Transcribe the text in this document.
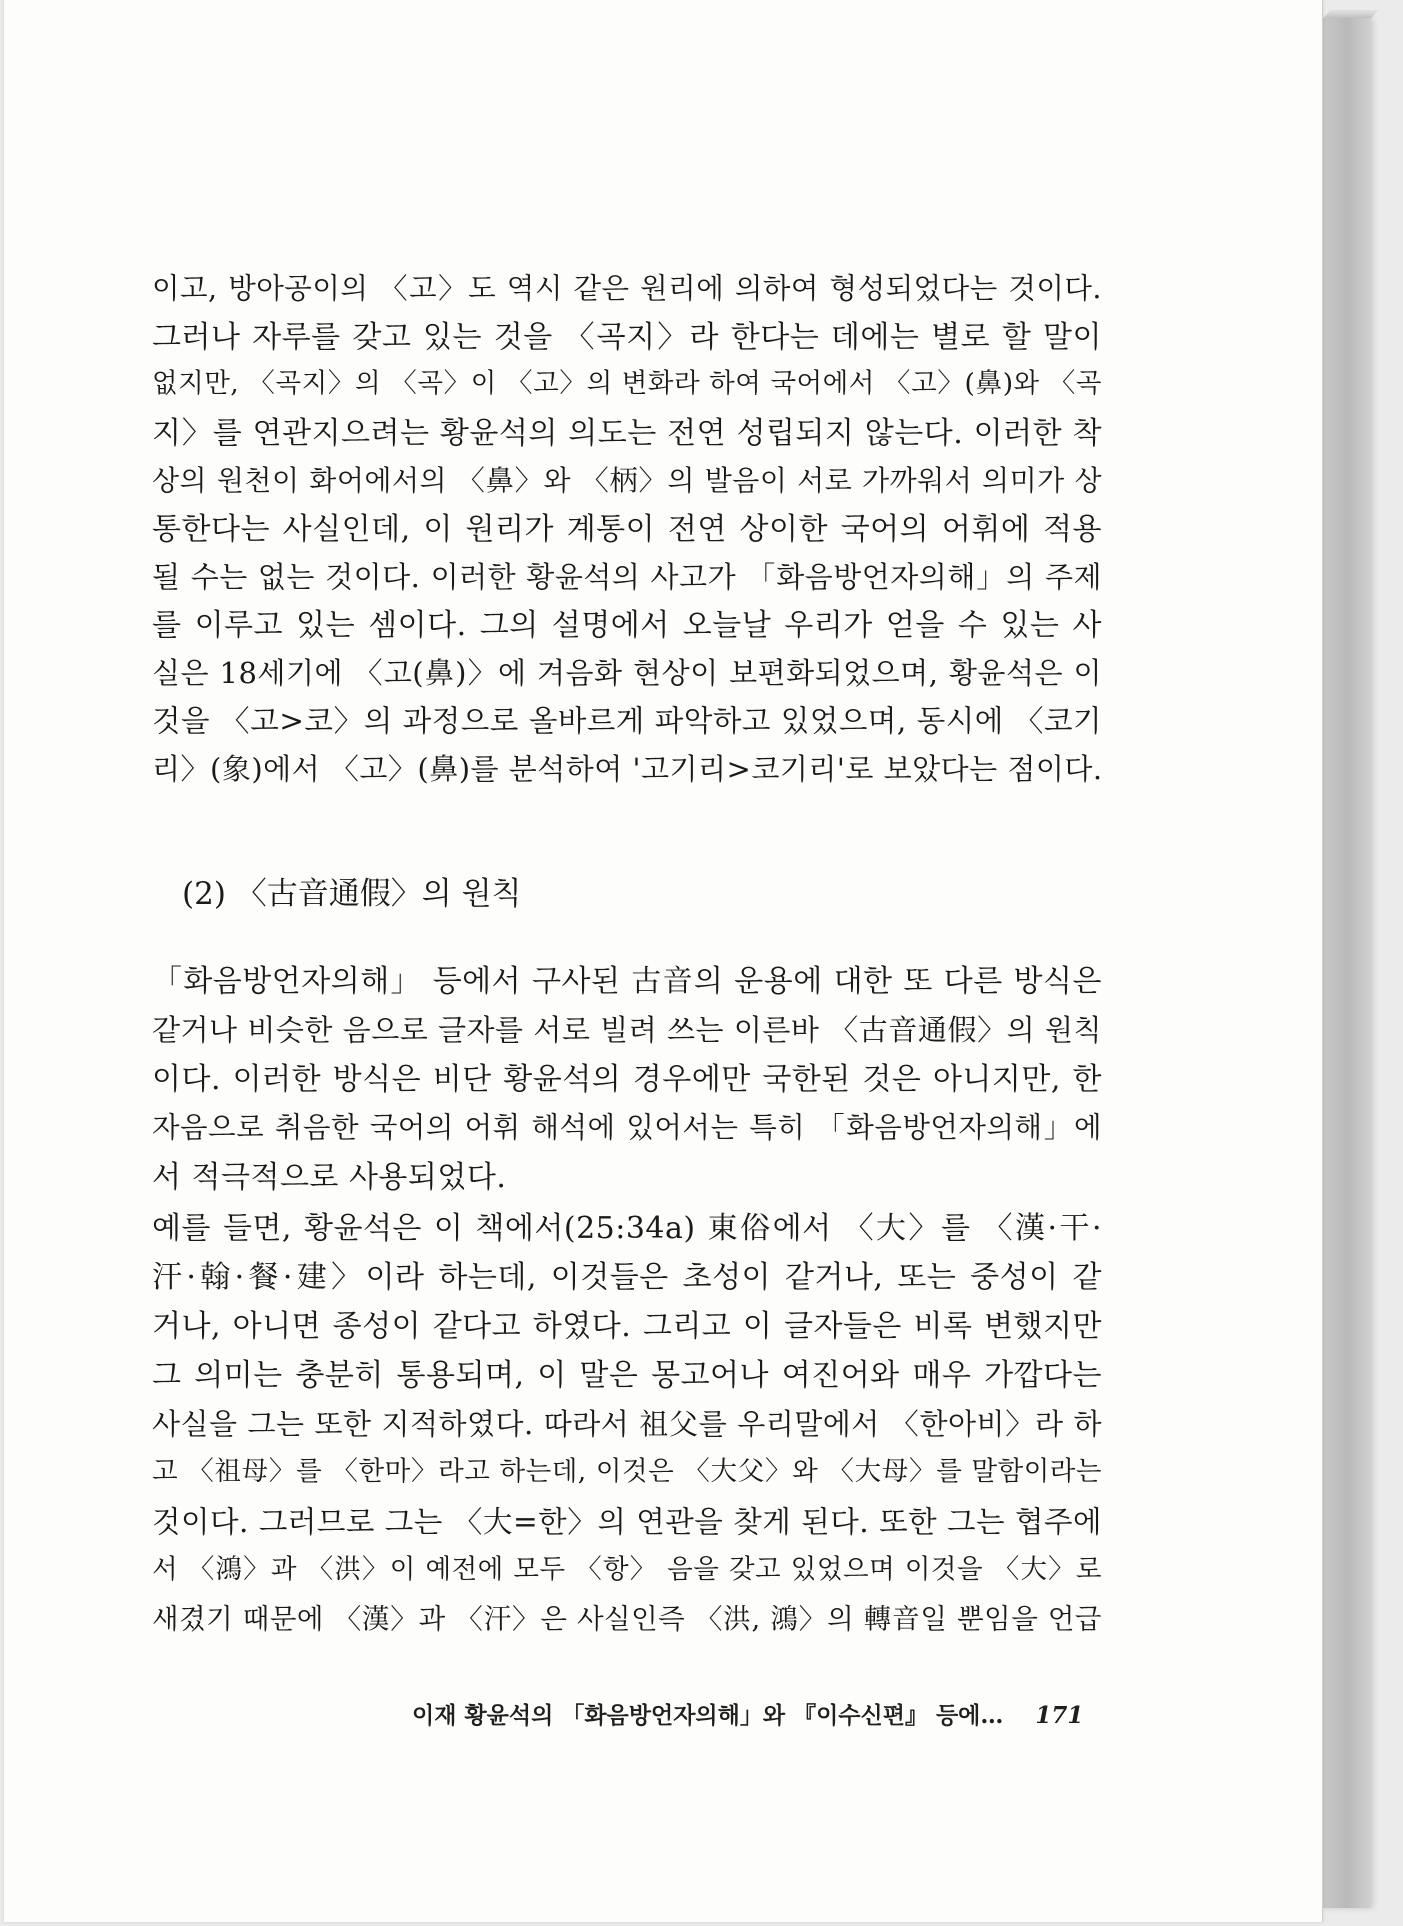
이고, 방아공이의 〈고〉도 역시 같은 원리에 의하여 형성되었다는 것이다.
그러나 자루를 갖고 있는 것을 〈곡지〉라 한다는 데에는 별로 할 말이
없지만, 〈곡지〉의 〈곡〉이 〈고〉의 변화라 하여 국어에서 〈고〉(鼻)와 〈곡
지〉를 연관지으려는 황윤석의 의도는 전연 성립되지 않는다. 이러한 착
상의 원천이 화어에서의 〈鼻〉와 〈柄〉의 발음이 서로 가까워서 의미가 상
통한다는 사실인데, 이 원리가 계통이 전연 상이한 국어의 어휘에 적용
될 수는 없는 것이다. 이러한 황윤석의 사고가 「화음방언자의해」의 주제
를 이루고 있는 셈이다. 그의 설명에서 오늘날 우리가 얻을 수 있는 사
실은 18세기에 〈고(鼻)〉에 겨음화 현상이 보편화되었으며, 황윤석은 이
것을 〈고>코〉의 과정으로 올바르게 파악하고 있었으며, 동시에 〈코기
리〉(象)에서 〈고〉(鼻)를 분석하여 '고기리>코기리'로 보았다는 점이다.
(2) 〈古音通假〉의 원칙
「화음방언자의해」 등에서 구사된 古音의 운용에 대한 또 다른 방식은
같거나 비슷한 음으로 글자를 서로 빌려 쓰는 이른바 〈古音通假〉의 원칙
이다. 이러한 방식은 비단 황윤석의 경우에만 국한된 것은 아니지만, 한
자음으로 취음한 국어의 어휘 해석에 있어서는 특히 「화음방언자의해」에
서 적극적으로 사용되었다.
예를 들면, 황윤석은 이 책에서(25:34a) 東俗에서 〈大〉를 〈漢·干·
汗·翰·餐·建〉이라 하는데, 이것들은 초성이 같거나, 또는 중성이 같
거나, 아니면 종성이 같다고 하였다. 그리고 이 글자들은 비록 변했지만
그 의미는 충분히 통용되며, 이 말은 몽고어나 여진어와 매우 가깝다는
사실을 그는 또한 지적하였다. 따라서 祖父를 우리말에서 〈한아비〉라 하
고 〈祖母〉를 〈한마〉라고 하는데, 이것은 〈大父〉와 〈大母〉를 말함이라는
것이다. 그러므로 그는 〈大=한〉의 연관을 찾게 된다. 또한 그는 협주에
서 〈鴻〉과 〈洪〉이 예전에 모두 〈항〉 음을 갖고 있었으며 이것을 〈大〉로
새겼기 때문에 〈漢〉과 〈汗〉은 사실인즉 〈洪, 鴻〉의 轉音일 뿐임을 언급
이재 황윤석의 「화음방언자의해」와 『이수신편』 등에… 171
